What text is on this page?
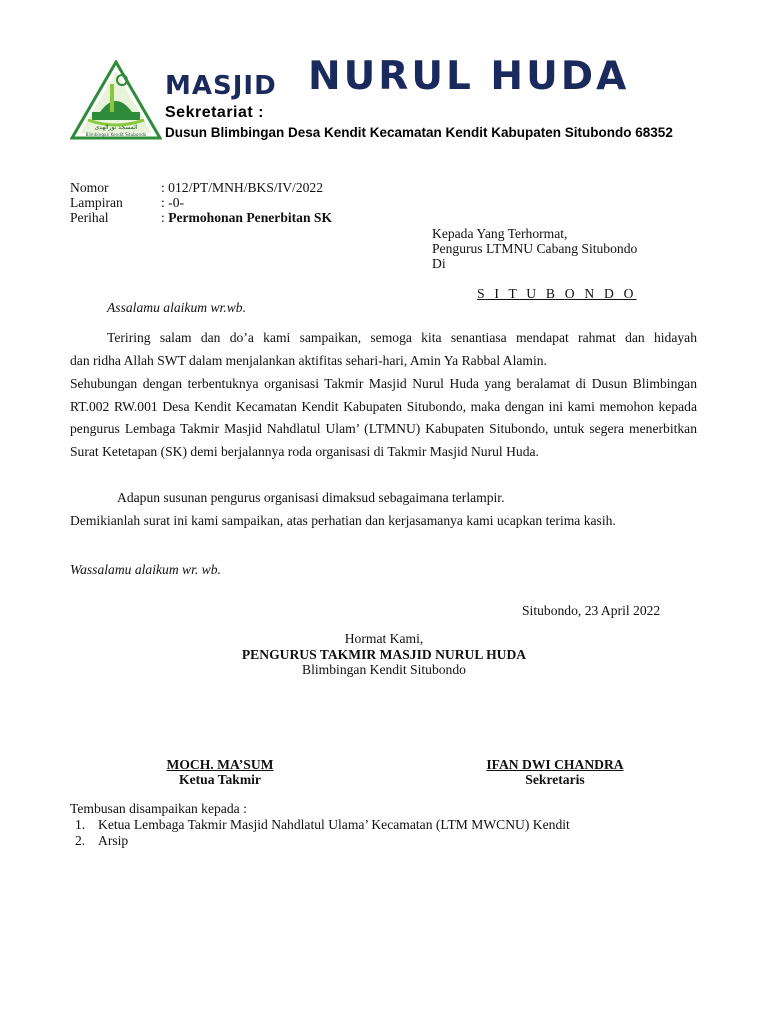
المسجد نورالهدى
Blimbingan Kendit Situbondo
MASJID NURUL HUDA
Sekretariat :
Dusun Blimbingan Desa Kendit Kecamatan Kendit Kabupaten Situbondo 68352
Nomor	: 012/PT/MNH/BKS/IV/2022
Lampiran	: -0-
Perihal	: Permohonan Penerbitan SK
Kepada Yang Terhormat,
Pengurus LTMNU Cabang Situbondo
Di
S I T U B O N D O
Assalamu alaikum wr.wb.
Teriring salam dan do’a kami sampaikan, semoga kita senantiasa mendapat rahmat dan hidayah
dan ridha Allah SWT dalam menjalankan aktifitas sehari-hari, Amin Ya Rabbal Alamin.
Sehubungan dengan terbentuknya organisasi Takmir Masjid Nurul Huda yang beralamat di Dusun Blimbingan RT.002 RW.001 Desa Kendit Kecamatan Kendit Kabupaten Situbondo, maka dengan ini kami memohon kepada pengurus Lembaga Takmir Masjid Nahdlatul Ulam’ (LTMNU) Kabupaten Situbondo, untuk segera menerbitkan Surat Ketetapan (SK) demi berjalannya roda organisasi di Takmir Masjid Nurul Huda.
Adapun susunan pengurus organisasi dimaksud sebagaimana terlampir.
Demikianlah surat ini kami sampaikan, atas perhatian dan kerjasamanya kami ucapkan terima kasih.
Wassalamu alaikum wr. wb.
Situbondo, 23 April 2022
Hormat Kami,
PENGURUS TAKMIR MASJID NURUL HUDA
Blimbingan Kendit Situbondo
MOCH. MA’SUM
Ketua Takmir
IFAN DWI CHANDRA
Sekretaris
Tembusan disampaikan kepada :
1. Ketua Lembaga Takmir Masjid Nahdlatul Ulama’ Kecamatan (LTM MWCNU) Kendit
2. Arsip
